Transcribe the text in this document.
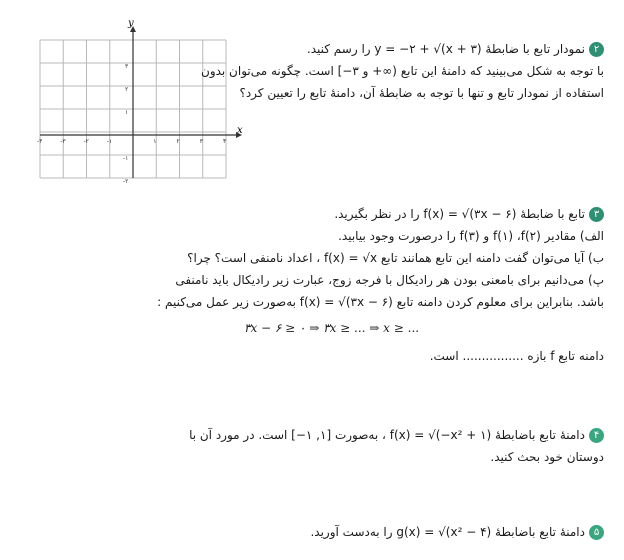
x
y
-۴	-۳	-۲	-۱	۱	۲	۳	۴
۳
۲
۱
-۱
-۲
۲نمودار تابع با ضابطهٔ y = −۲ + √(x + ۳) را رسم کنید.
با توجه به شکل می‌بینید که دامنهٔ این تابع (∞+ و ۳−] است. چگونه می‌توان بدون
استفاده از نمودار تابع و تنها با توجه به ضابطهٔ آن، دامنهٔ تابع را تعیین کرد؟
۳تابع با ضابطهٔ f(x) = √(۳x − ۶) را در نظر بگیرید.
الف) مقادیر f(۱) ،f(۲) و f(۳) را درصورت وجود بیابید.
ب) آیا می‌توان گفت دامنه این تابع همانند تابع f(x) = √x ، اعداد نامنفی است؟ چرا؟
پ) می‌دانیم برای بامعنی بودن هر رادیکال با فرجه زوج، عبارت زیر رادیکال باید نامنفی
باشد. بنابراین برای معلوم کردن دامنه تابع f(x) = √(۳x − ۶) به‌صورت زیر عمل می‌کنیم :
۳x − ۶ ≥ ۰ ⇒ ۳x ≥ ... ⇒ x ≥ ...
دامنه تابع f بازه ................ است.
۴دامنهٔ تابع باضابطهٔ f(x) = √(−x² + ۱) ، به‌صورت [۱, ۱−] است. در مورد آن با
دوستان خود بحث کنید.
۵دامنهٔ تابع باضابطهٔ g(x) = √(x² − ۴) را به‌دست آورید.
